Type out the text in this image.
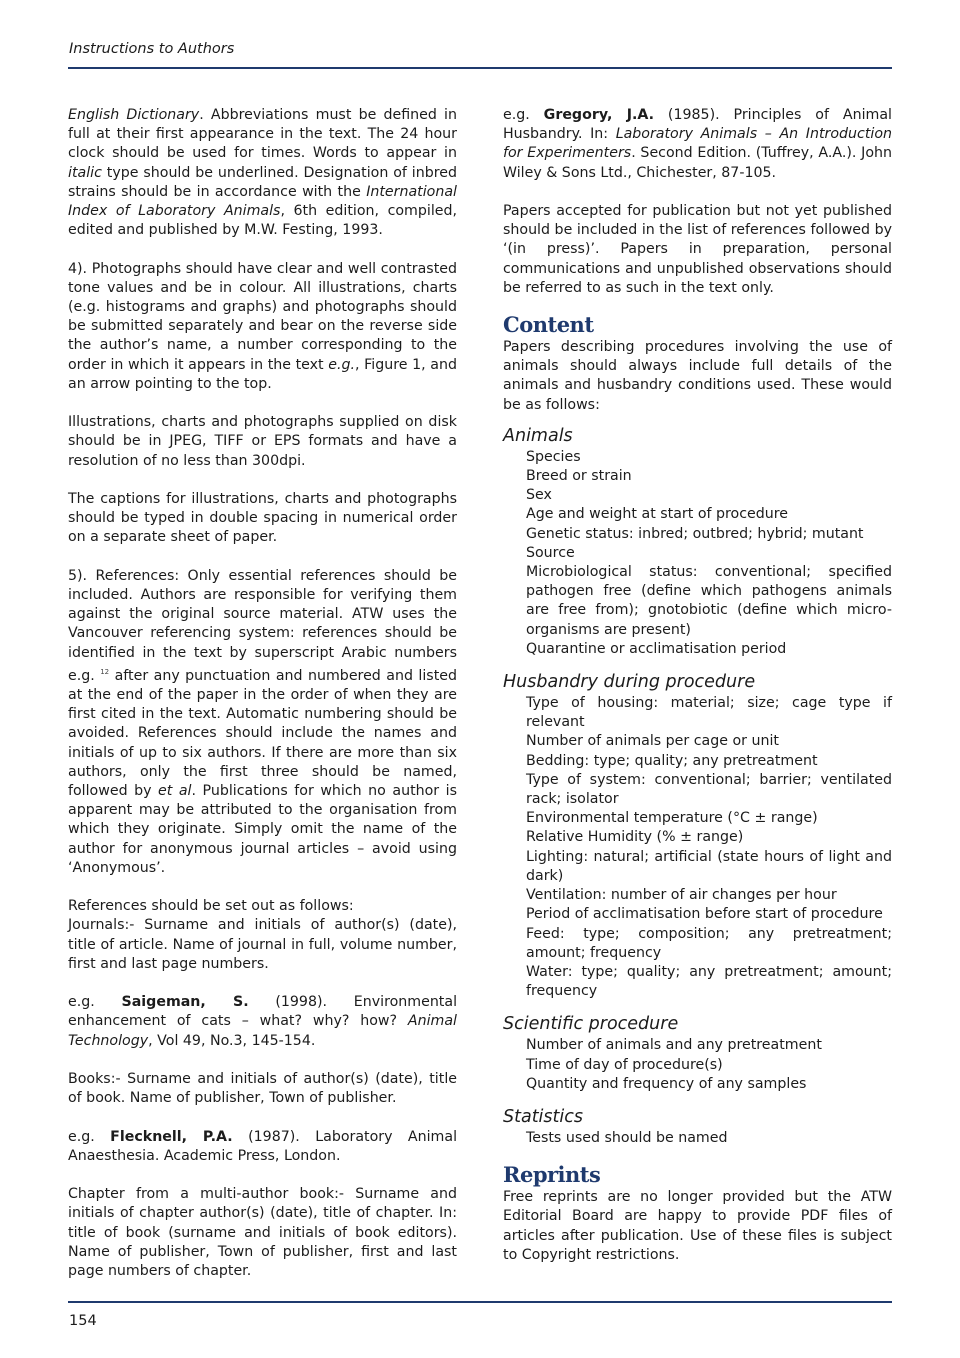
Instructions to Authors

English Dictionary. Abbreviations must be defined in full at their first appearance in the text. The 24 hour clock should be used for times. Words to appear in italic type should be underlined. Designation of inbred strains should be in accordance with the International Index of Laboratory Animals, 6th edition, compiled, edited and published by M.W. Festing, 1993.

4). Photographs should have clear and well contrasted tone values and be in colour. All illustrations, charts (e.g. histograms and graphs) and photographs should be submitted separately and bear on the reverse side the author’s name, a number corresponding to the order in which it appears in the text e.g., Figure 1, and an arrow pointing to the top.

Illustrations, charts and photographs supplied on disk should be in JPEG, TIFF or EPS formats and have a resolution of no less than 300dpi.

The captions for illustrations, charts and photographs should be typed in double spacing in numerical order on a separate sheet of paper.

5). References: Only essential references should be included. Authors are responsible for verifying them against the original source material. ATW uses the Vancouver referencing system: references should be identified in the text by superscript Arabic numbers e.g. $^{12}$ after any punctuation and numbered and listed at the end of the paper in the order of when they are first cited in the text. Automatic numbering should be avoided. References should include the names and initials of up to six authors. If there are more than six authors, only the first three should be named, followed by et al. Publications for which no author is apparent may be attributed to the organisation from which they originate. Simply omit the name of the author for anonymous journal articles – avoid using ‘Anonymous’.

References should be set out as follows:

Journals:- Surname and initials of author(s) (date), title of article. Name of journal in full, volume number, first and last page numbers.

e.g. Saigeman, S. (1998). Environmental enhancement of cats – what? why? how? Animal Technology, Vol 49, No.3, 145-154.

Books:- Surname and initials of author(s) (date), title of book. Name of publisher, Town of publisher.

e.g. Flecknell, P.A. (1987). Laboratory Animal Anaesthesia. Academic Press, London.

Chapter from a multi-author book:- Surname and initials of chapter author(s) (date), title of chapter. In: title of book (surname and initials of book editors). Name of publisher, Town of publisher, first and last page numbers of chapter.

e.g. Gregory, J.A. (1985). Principles of Animal Husbandry. In: Laboratory Animals – An Introduction for Experimenters. Second Edition. (Tuffrey, A.A.). John Wiley & Sons Ltd., Chichester, 87-105.

Papers accepted for publication but not yet published should be included in the list of references followed by ‘(in press)’. Papers in preparation, personal communications and unpublished observations should be referred to as such in the text only.

Content

Papers describing procedures involving the use of animals should always include full details of the animals and husbandry conditions used. These would be as follows:

Animals
Species
Breed or strain
Sex
Age and weight at start of procedure
Genetic status: inbred; outbred; hybrid; mutant
Source
Microbiological status: conventional; specified pathogen free (define which pathogens animals are free from); gnotobiotic (define which micro-organisms are present)
Quarantine or acclimatisation period
Husbandry during procedure
Type of housing: material; size; cage type if relevant
Number of animals per cage or unit
Bedding: type; quality; any pretreatment
Type of system: conventional; barrier; ventilated rack; isolator
Environmental temperature (°C ± range)
Relative Humidity (% ± range)
Lighting: natural; artificial (state hours of light and dark)
Ventilation: number of air changes per hour
Period of acclimatisation before start of procedure
Feed: type; composition; any pretreatment; amount; frequency
Water: type; quality; any pretreatment; amount; frequency
Scientific procedure
Number of animals and any pretreatment
Time of day of procedure(s)
Quantity and frequency of any samples
Statistics
Tests used should be named
Reprints

Free reprints are no longer provided but the ATW Editorial Board are happy to provide PDF files of articles after publication. Use of these files is subject to Copyright restrictions.

154
